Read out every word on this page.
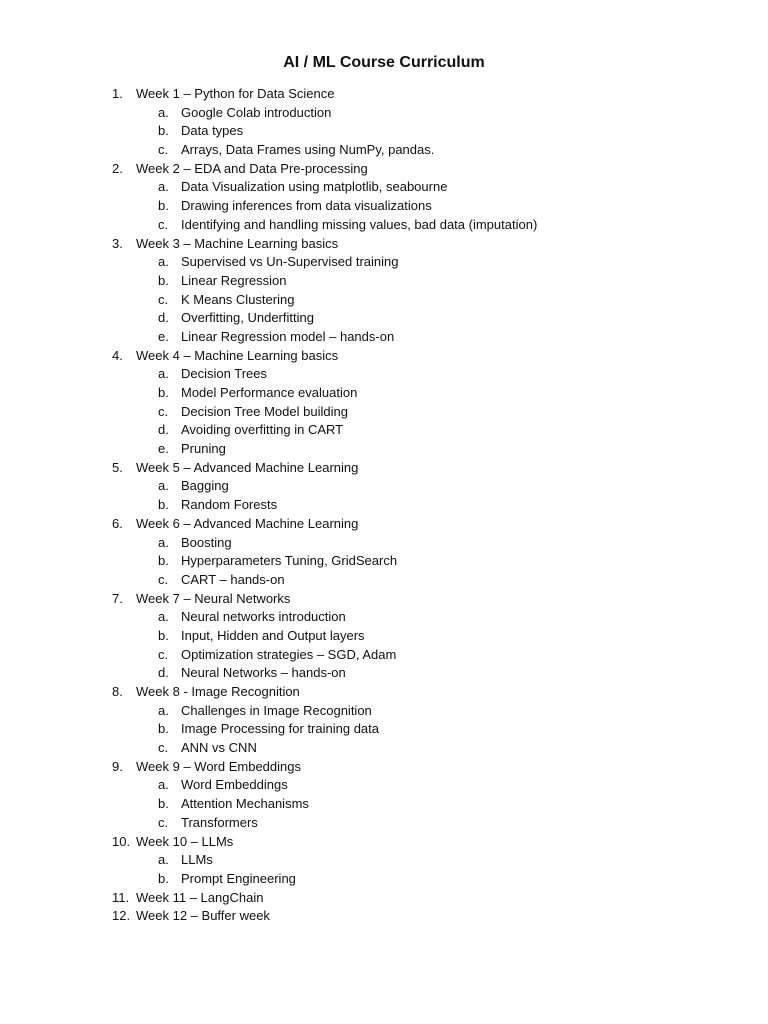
AI / ML Course Curriculum
1. Week 1 – Python for Data Science
a. Google Colab introduction
b. Data types
c. Arrays, Data Frames using NumPy, pandas.
2. Week 2 – EDA and Data Pre-processing
a. Data Visualization using matplotlib, seabourne
b. Drawing inferences from data visualizations
c. Identifying and handling missing values, bad data (imputation)
3. Week 3 – Machine Learning basics
a. Supervised vs Un-Supervised training
b. Linear Regression
c. K Means Clustering
d. Overfitting, Underfitting
e. Linear Regression model – hands-on
4. Week 4 – Machine Learning basics
a. Decision Trees
b. Model Performance evaluation
c. Decision Tree Model building
d. Avoiding overfitting in CART
e. Pruning
5. Week 5 – Advanced Machine Learning
a. Bagging
b. Random Forests
6. Week 6 – Advanced Machine Learning
a. Boosting
b. Hyperparameters Tuning, GridSearch
c. CART – hands-on
7. Week 7 – Neural Networks
a. Neural networks introduction
b. Input, Hidden and Output layers
c. Optimization strategies – SGD, Adam
d. Neural Networks – hands-on
8. Week 8 - Image Recognition
a. Challenges in Image Recognition
b. Image Processing for training data
c. ANN vs CNN
9. Week 9 – Word Embeddings
a. Word Embeddings
b. Attention Mechanisms
c. Transformers
10. Week 10 – LLMs
a. LLMs
b. Prompt Engineering
11. Week 11 – LangChain
12. Week 12 – Buffer week
